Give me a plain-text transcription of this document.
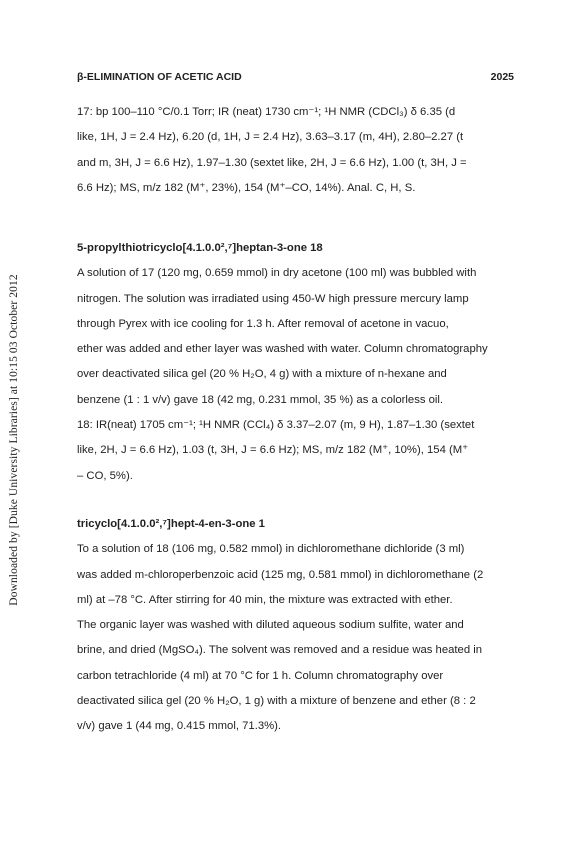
Downloaded by [Duke University Libraries] at 10:15 03 October 2012
β-ELIMINATION OF ACETIC ACID	2025
17: bp 100–110 °C/0.1 Torr; IR (neat) 1730 cm⁻¹; ¹H NMR (CDCl₃) δ 6.35 (d
like, 1H, J = 2.4 Hz), 6.20 (d, 1H, J = 2.4 Hz), 3.63–3.17 (m, 4H), 2.80–2.27 (t
and m, 3H, J = 6.6 Hz), 1.97–1.30 (sextet like, 2H, J = 6.6 Hz), 1.00 (t, 3H, J =
6.6 Hz); MS, m/z 182 (M⁺, 23%), 154 (M⁺–CO, 14%). Anal. C, H, S.
5-propylthiotricyclo[4.1.0.0²,⁷]heptan-3-one 18
A solution of 17 (120 mg, 0.659 mmol) in dry acetone (100 ml) was bubbled with
nitrogen. The solution was irradiated using 450-W high pressure mercury lamp
through Pyrex with ice cooling for 1.3 h. After removal of acetone in vacuo,
ether was added and ether layer was washed with water. Column chromatography
over deactivated silica gel (20 % H₂O, 4 g) with a mixture of n-hexane and
benzene (1 : 1 v/v) gave 18 (42 mg, 0.231 mmol, 35 %) as a colorless oil.
18: IR(neat) 1705 cm⁻¹; ¹H NMR (CCl₄) δ 3.37–2.07 (m, 9 H), 1.87–1.30 (sextet
like, 2H, J = 6.6 Hz), 1.03 (t, 3H, J = 6.6 Hz); MS, m/z 182 (M⁺, 10%), 154 (M⁺
– CO, 5%).
tricyclo[4.1.0.0²,⁷]hept-4-en-3-one 1
To a solution of 18 (106 mg, 0.582 mmol) in dichloromethane dichloride (3 ml)
was added m-chloroperbenzoic acid (125 mg, 0.581 mmol) in dichloromethane (2
ml) at –78 °C. After stirring for 40 min, the mixture was extracted with ether.
The organic layer was washed with diluted aqueous sodium sulfite, water and
brine, and dried (MgSO₄). The solvent was removed and a residue was heated in
carbon tetrachloride (4 ml) at 70 °C for 1 h. Column chromatography over
deactivated silica gel (20 % H₂O, 1 g) with a mixture of benzene and ether (8 : 2
v/v) gave 1 (44 mg, 0.415 mmol, 71.3%).
